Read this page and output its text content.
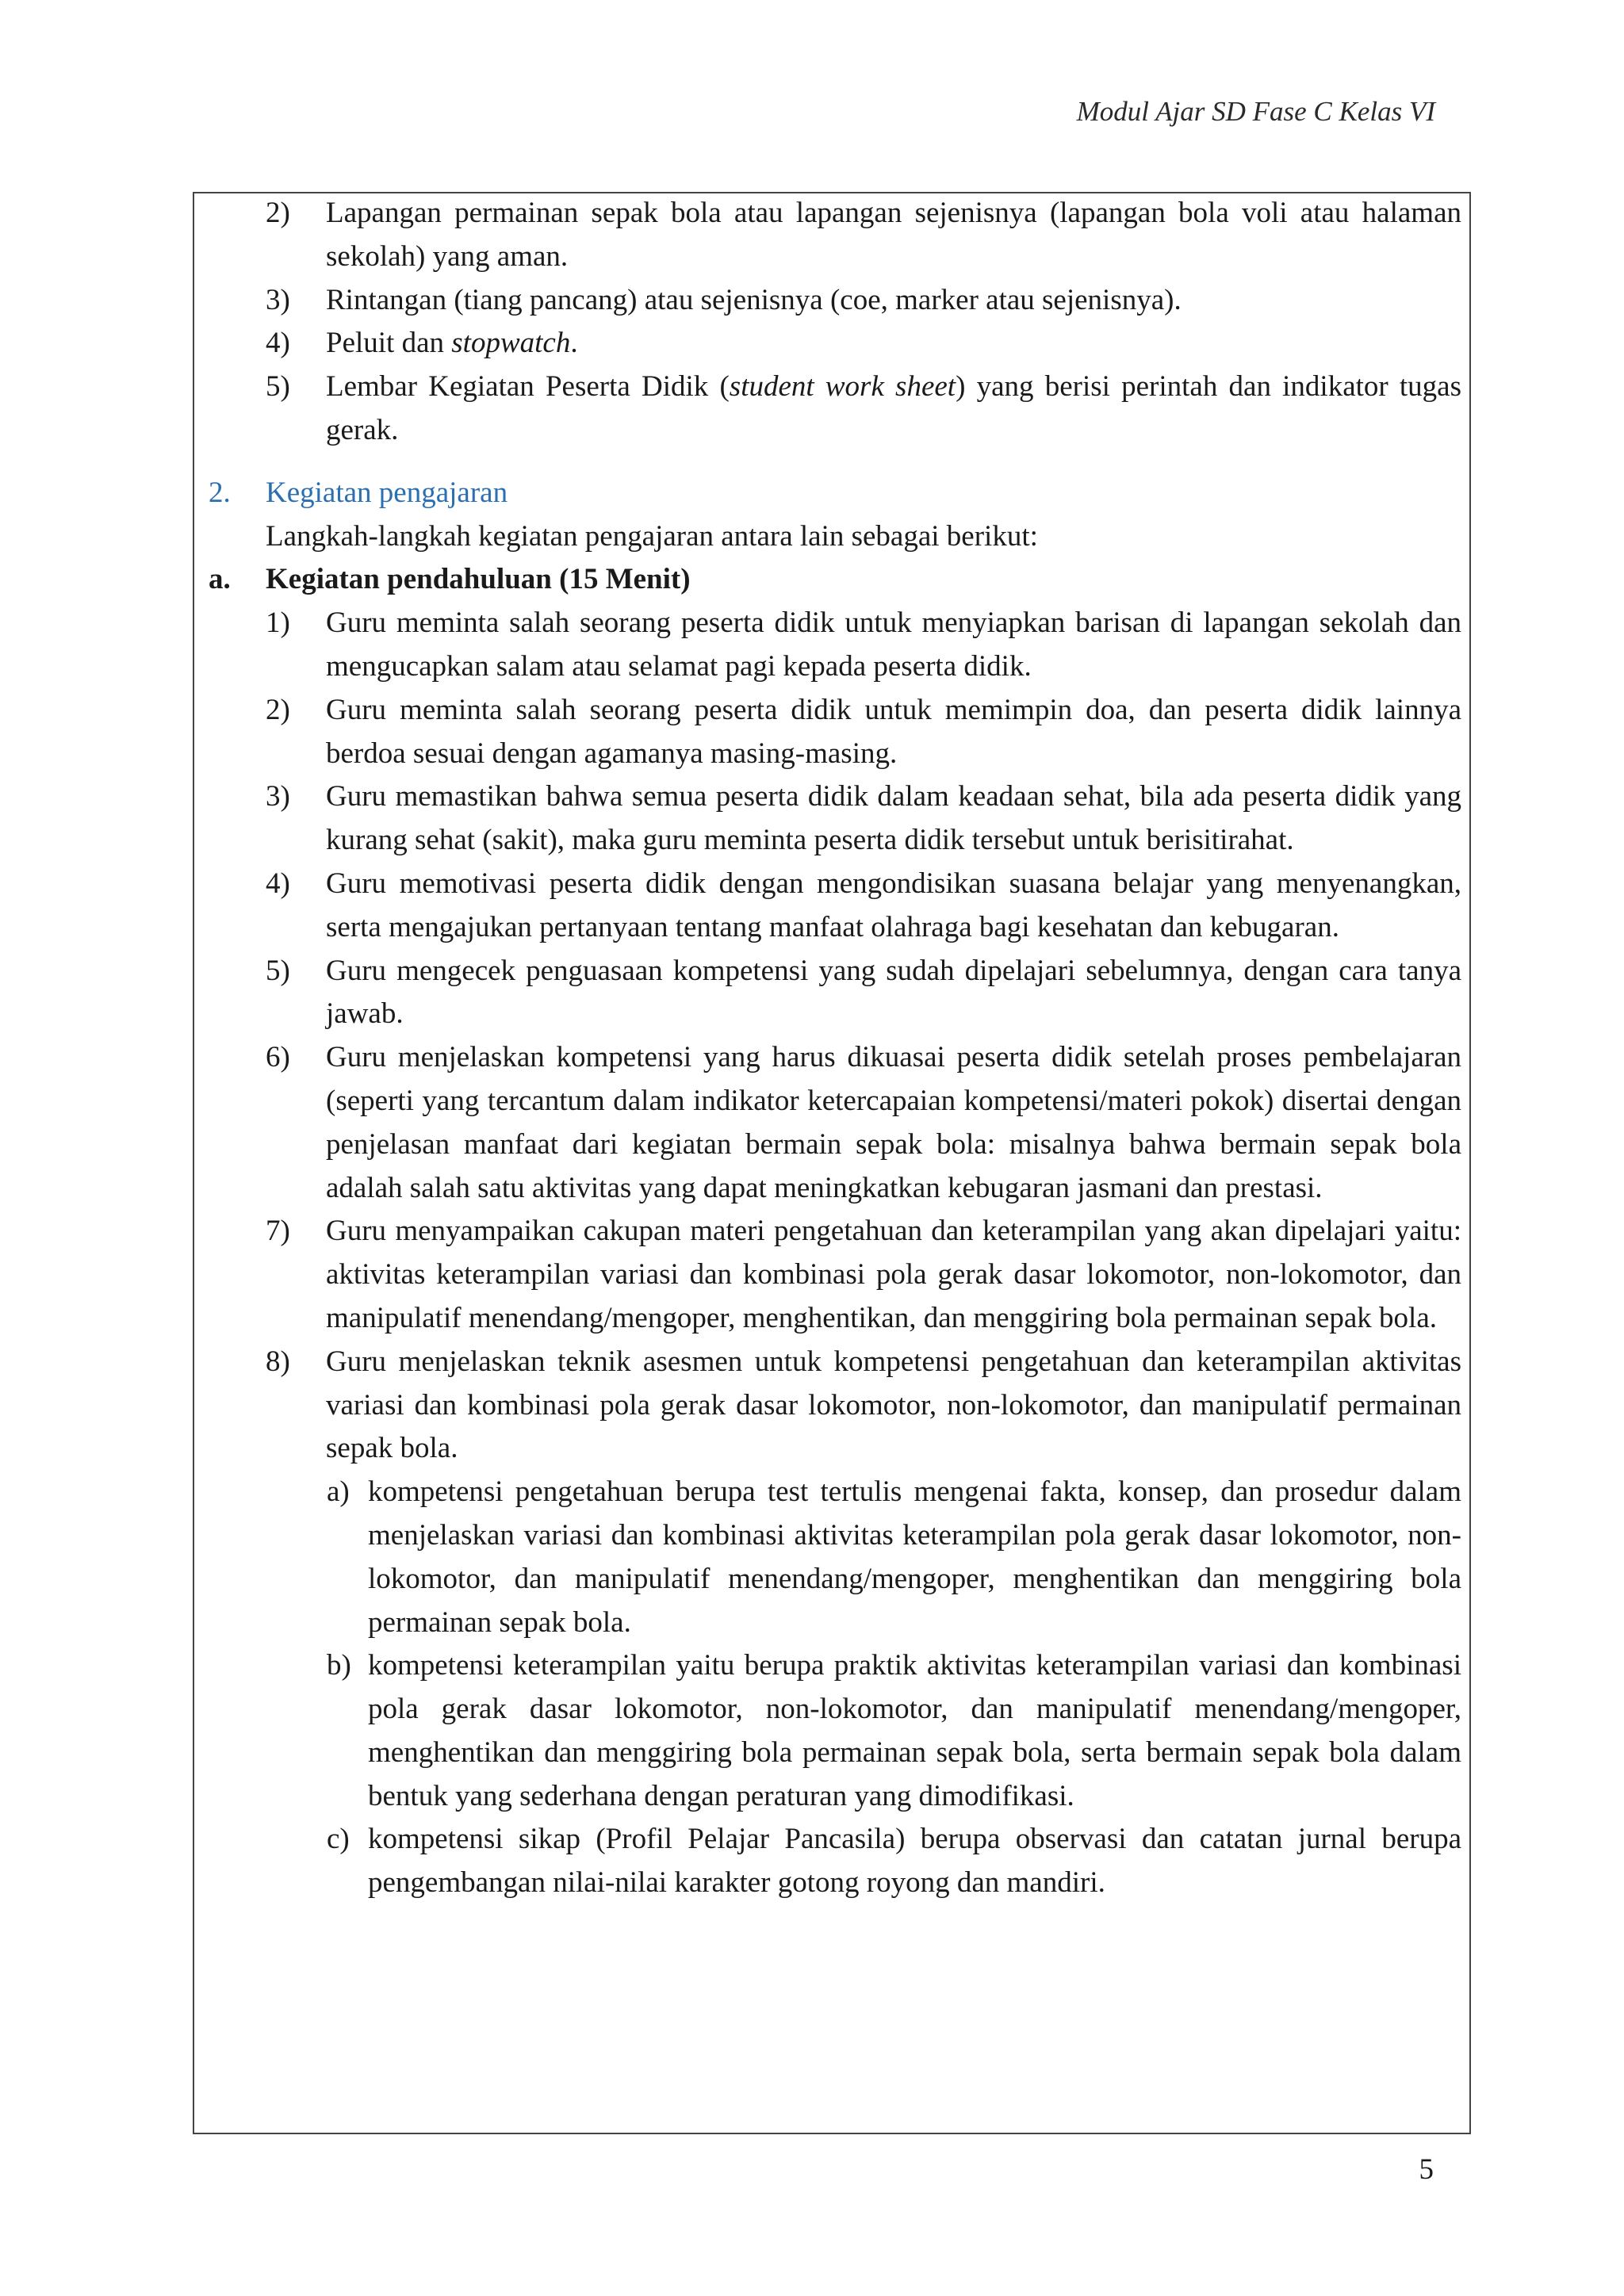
Modul Ajar SD Fase C Kelas VI
2) Lapangan permainan sepak bola atau lapangan sejenisnya (lapangan bola voli atau halaman sekolah) yang aman.
3) Rintangan (tiang pancang) atau sejenisnya (coe, marker atau sejenisnya).
4) Peluit dan stopwatch.
5) Lembar Kegiatan Peserta Didik (student work sheet) yang berisi perintah dan indikator tugas gerak.
2. Kegiatan pengajaran
Langkah-langkah kegiatan pengajaran antara lain sebagai berikut:
a. Kegiatan pendahuluan (15 Menit)
1) Guru meminta salah seorang peserta didik untuk menyiapkan barisan di lapangan sekolah dan mengucapkan salam atau selamat pagi kepada peserta didik.
2) Guru meminta salah seorang peserta didik untuk memimpin doa, dan peserta didik lainnya berdoa sesuai dengan agamanya masing-masing.
3) Guru memastikan bahwa semua peserta didik dalam keadaan sehat, bila ada peserta didik yang kurang sehat (sakit), maka guru meminta peserta didik tersebut untuk berisitirahat.
4) Guru memotivasi peserta didik dengan mengondisikan suasana belajar yang menyenangkan, serta mengajukan pertanyaan tentang manfaat olahraga bagi kesehatan dan kebugaran.
5) Guru mengecek penguasaan kompetensi yang sudah dipelajari sebelumnya, dengan cara tanya jawab.
6) Guru menjelaskan kompetensi yang harus dikuasai peserta didik setelah proses pembelajaran (seperti yang tercantum dalam indikator ketercapaian kompetensi/materi pokok) disertai dengan penjelasan manfaat dari kegiatan bermain sepak bola: misalnya bahwa bermain sepak bola adalah salah satu aktivitas yang dapat meningkatkan kebugaran jasmani dan prestasi.
7) Guru menyampaikan cakupan materi pengetahuan dan keterampilan yang akan dipelajari yaitu: aktivitas keterampilan variasi dan kombinasi pola gerak dasar lokomotor, non-lokomotor, dan manipulatif menendang/mengoper, menghentikan, dan menggiring bola permainan sepak bola.
8) Guru menjelaskan teknik asesmen untuk kompetensi pengetahuan dan keterampilan aktivitas variasi dan kombinasi pola gerak dasar lokomotor, non-lokomotor, dan manipulatif permainan sepak bola.
a) kompetensi pengetahuan berupa test tertulis mengenai fakta, konsep, dan prosedur dalam menjelaskan variasi dan kombinasi aktivitas keterampilan pola gerak dasar lokomotor, non-lokomotor, dan manipulatif menendang/mengoper, menghentikan dan menggiring bola permainan sepak bola.
b) kompetensi keterampilan yaitu berupa praktik aktivitas keterampilan variasi dan kombinasi pola gerak dasar lokomotor, non-lokomotor, dan manipulatif menendang/mengoper, menghentikan dan menggiring bola permainan sepak bola, serta bermain sepak bola dalam bentuk yang sederhana dengan peraturan yang dimodifikasi.
c) kompetensi sikap (Profil Pelajar Pancasila) berupa observasi dan catatan jurnal berupa pengembangan nilai-nilai karakter gotong royong dan mandiri.
5
